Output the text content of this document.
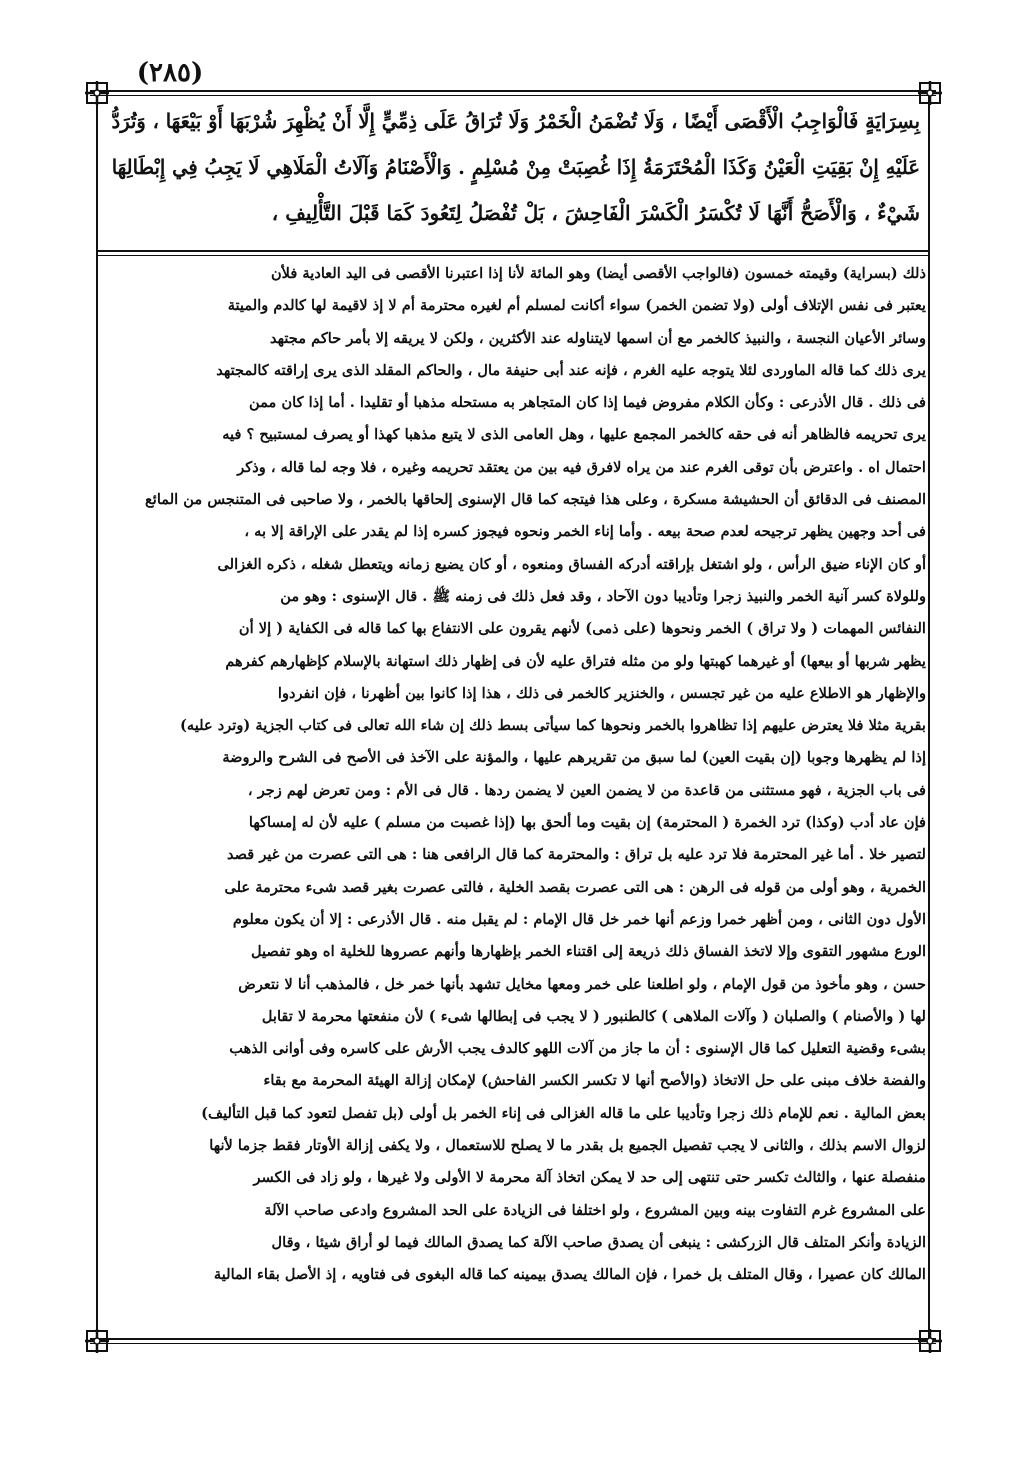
(٢٨٥)

بِسِرَايَةٍ فَالْوَاجِبُ الْأَقْصَى أَيْضًا ، وَلَا تُضْمَنُ الْخَمْرُ وَلَا تُرَاقُ عَلَى ذِمِّيٍّ إِلَّا أَنْ يُظْهِرَ شُرْبَهَا أَوْ بَيْعَهَا ، وَتُرَدُّ

عَلَيْهِ إِنْ بَقِيَتِ الْعَيْنُ وَكَذَا الْمُحْتَرَمَةُ إِذَا غُصِبَتْ مِنْ مُسْلِمٍ . وَالْأَصْنَامُ وَآلَاتُ الْمَلَاهِي لَا يَجِبُ فِي إِبْطَالِهَا

شَيْءٌ ، وَالْأَصَحُّ أَنَّهَا لَا تُكْسَرُ الْكَسْرَ الْفَاحِشَ ، بَلْ تُفْصَلُ لِتَعُودَ كَمَا قَبْلَ التَّأْلِيفِ ،

ذلك (بسراية) وقيمته خمسون (فالواجب الأقصى أيضا) وهو المائة لأنا إذا اعتبرنا الأقصى فى اليد العادية فلأن

يعتبر فى نفس الإتلاف أولى (ولا تضمن الخمر) سواء أكانت لمسلم أم لغيره محترمة أم لا إذ لاقيمة لها كالدم والميتة

وسائر الأعيان النجسة ، والنبيذ كالخمر مع أن اسمها لايتناوله عند الأكثرين ، ولكن لا يريقه إلا بأمر حاكم مجتهد

يرى ذلك كما قاله الماوردى لئلا يتوجه عليه الغرم ، فإنه عند أبى حنيفة مال ، والحاكم المقلد الذى يرى إراقته كالمجتهد

فى ذلك . قال الأذرعى : وكأن الكلام مفروض فيما إذا كان المتجاهر به مستحله مذهبا أو تقليدا . أما إذا كان ممن

يرى تحريمه فالظاهر أنه فى حقه كالخمر المجمع عليها ، وهل العامى الذى لا يتبع مذهبا كهذا أو يصرف لمستبيح ؟ فيه

احتمال اه . واعترض بأن توقى الغرم عند من يراه لافرق فيه بين من يعتقد تحريمه وغيره ، فلا وجه لما قاله ، وذكر

المصنف فى الدقائق أن الحشيشة مسكرة ، وعلى هذا فيتجه كما قال الإسنوى إلحاقها بالخمر ، ولا صاحبى فى المتنجس من المائع

فى أحد وجهين يظهر ترجيحه لعدم صحة بيعه . وأما إناء الخمر ونحوه فيجوز كسره إذا لم يقدر على الإراقة إلا به ،

أو كان الإناء ضيق الرأس ، ولو اشتغل بإراقته أدركه الفساق ومنعوه ، أو كان يضيع زمانه ويتعطل شغله ، ذكره الغزالى

وللولاة كسر آنية الخمر والنبيذ زجرا وتأديبا دون الآحاد ، وقد فعل ذلك فى زمنه ﷺ . قال الإسنوى : وهو من

النفائس المهمات ( ولا تراق ) الخمر ونحوها (على ذمى) لأنهم يقرون على الانتفاع بها كما قاله فى الكفاية ( إلا أن

يظهر شربها أو بيعها) أو غيرهما كهبتها ولو من مثله فتراق عليه لأن فى إظهار ذلك استهانة بالإسلام كإظهارهم كفرهم

والإظهار هو الاطلاع عليه من غير تجسس ، والخنزير كالخمر فى ذلك ، هذا إذا كانوا بين أظهرنا ، فإن انفردوا

بقرية مثلا فلا يعترض عليهم إذا تظاهروا بالخمر ونحوها كما سيأتى بسط ذلك إن شاء الله تعالى فى كتاب الجزية (وترد عليه)

إذا لم يظهرها وجوبا (إن بقيت العين) لما سبق من تقريرهم عليها ، والمؤنة على الآخذ فى الأصح فى الشرح والروضة

فى باب الجزية ، فهو مستثنى من قاعدة من لا يضمن العين لا يضمن ردها . قال فى الأم : ومن تعرض لهم زجر ،

فإن عاد أدب (وكذا) ترد الخمرة ( المحترمة) إن بقيت وما ألحق بها (إذا غصبت من مسلم ) عليه لأن له إمساكها

لتصير خلا . أما غير المحترمة فلا ترد عليه بل تراق : والمحترمة كما قال الرافعى هنا : هى التى عصرت من غير قصد

الخمرية ، وهو أولى من قوله فى الرهن : هى التى عصرت بقصد الخلية ، فالتى عصرت بغير قصد شىء محترمة على

الأول دون الثانى ، ومن أظهر خمرا وزعم أنها خمر خل قال الإمام : لم يقبل منه . قال الأذرعى : إلا أن يكون معلوم

الورع مشهور التقوى وإلا لاتخذ الفساق ذلك ذريعة إلى اقتناء الخمر بإظهارها وأنهم عصروها للخلية اه وهو تفصيل

حسن ، وهو مأخوذ من قول الإمام ، ولو اطلعنا على خمر ومعها مخايل تشهد بأنها خمر خل ، فالمذهب أنا لا نتعرض

لها ( والأصنام ) والصلبان ( وآلات الملاهى ) كالطنبور ( لا يجب فى إبطالها شىء ) لأن منفعتها محرمة لا تقابل

بشىء وقضية التعليل كما قال الإسنوى : أن ما جاز من آلات اللهو كالدف يجب الأرش على كاسره وفى أوانى الذهب

والفضة خلاف مبنى على حل الاتخاذ (والأصح أنها لا تكسر الكسر الفاحش) لإمكان إزالة الهيئة المحرمة مع بقاء

بعض المالية . نعم للإمام ذلك زجرا وتأديبا على ما قاله الغزالى فى إناء الخمر بل أولى (بل تفصل لتعود كما قبل التأليف)

لزوال الاسم بذلك ، والثانى لا يجب تفصيل الجميع بل بقدر ما لا يصلح للاستعمال ، ولا يكفى إزالة الأوتار فقط جزما لأنها

منفصلة عنها ، والثالث تكسر حتى تنتهى إلى حد لا يمكن اتخاذ آلة محرمة لا الأولى ولا غيرها ، ولو زاد فى الكسر

على المشروع غرم التفاوت بينه وبين المشروع ، ولو اختلفا فى الزيادة على الحد المشروع وادعى صاحب الآلة

الزيادة وأنكر المتلف قال الزركشى : ينبغى أن يصدق صاحب الآلة كما يصدق المالك فيما لو أراق شيئا ، وقال

المالك كان عصيرا ، وقال المتلف بل خمرا ، فإن المالك يصدق بيمينه كما قاله البغوى فى فتاويه ، إذ الأصل بقاء المالية
